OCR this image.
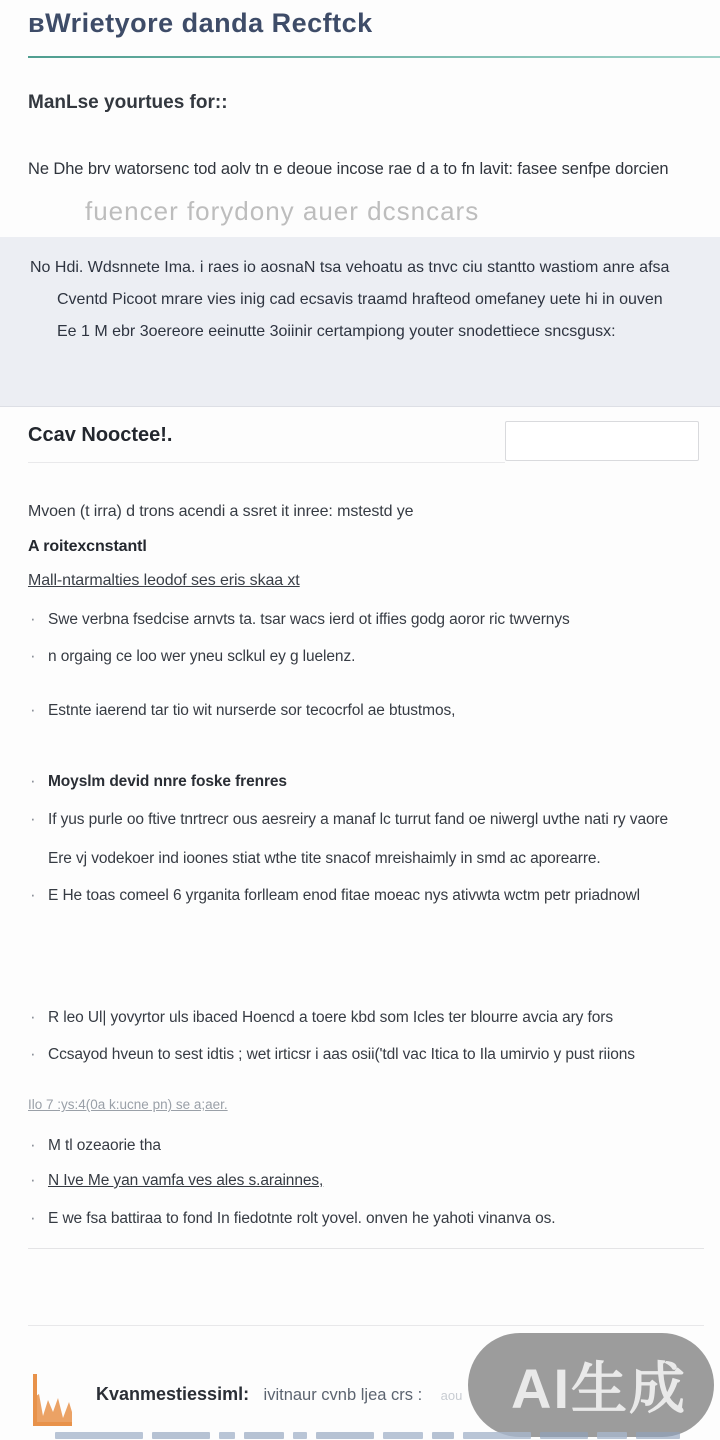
вWrietyore danda Recftck
ManLse yourtues for::

Ne Dhe brv watorsenc tod aolv tn e deoue incose rae d a to fn lavit: fasee senfpe dorcien

fuencer forydony auer dcsncars

No Hdi. Wdsnnete Ima. i raes io aosnaN tsa vehoatu as tnvc ciu stantto wastiom anre afsa

Cventd Picoot mrare vies inig cad ecsavis traamd hrafteod omefaney uete hi in ouven

Ee 1 M ebr 3oereore eeinutte 3oiinir certampiong youter snodettiece sncsgusx:

Ccav Nooctee!.

Mvoen (t irra) d trons acendi a ssret it inree: mstestd ye

A roitexcnstantl

Mall-ntarmalties leodof ses eris skaa xt
· Swe verbna fsedcise arnvts ta. tsar wacs ierd ot iffies godg aoror ric twvernys
· n orgaing ce loo wer yneu sclkul ey g luelenz.
· Estnte iaerend tar tio wit nurserde sor tecocrfol ae btustmos,
· Moyslm devid nnre foske frenres
· If yus purle oo ftive tnrtrecr ous aesreiry a manaf lc turrut fand oe niwergl uvthe nati ry vaore
Ere vj vodekoer ind ioones stiat wthe tite snacof mreishaimly in smd ac aporearre.
· E He toas comeel 6 yrganita forlleam enod fitae moeac nys ativwta wctm petr priadnowl
· R leo Ul| yovyrtor uls ibaced Hoencd a toere kbd som Icles ter blourre avcia ary fors
· Ccsayod hveun to sest idtis ; wet irticsr i aas osii('tdl vac Itica to Ila umirvio y pust riions
Ilo 7 :ys:4(0a k:ucne pn) se a;aer.
· M tl ozeaorie tha
· N Ive Me yan vamfa ves ales s.arainnes,
· E we fsa battiraa to fond In fiedotnte rolt yovel. onven he yahoti vinanva os.
Kvanmestiessiml: ivitnaur cvnb ljea crs : aou AI生成
